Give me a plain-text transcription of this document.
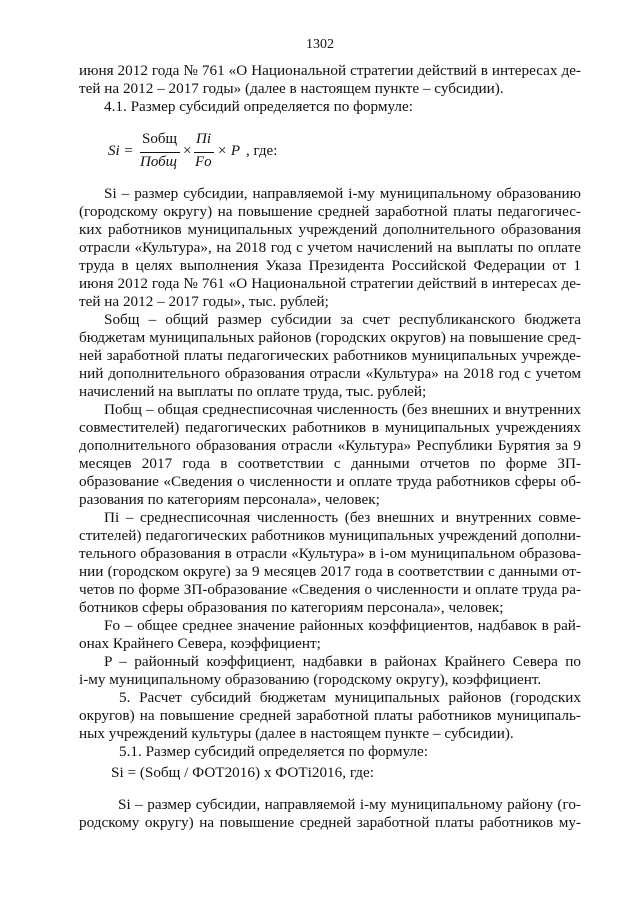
1302
июня 2012 года № 761 «О Национальной стратегии действий в интересах де-
тей на 2012 – 2017 годы» (далее в настоящем пункте – субсидии).
4.1. Размер субсидий определяется по формуле:
Si =
Sобщ
Побщ
×
Пi
Fo
× P , где:
Si – размер субсидии, направляемой i-му муниципальному образованию
(городскому округу) на повышение средней заработной платы педагогичес-
ких работников муниципальных учреждений дополнительного образования
отрасли «Культура», на 2018 год с учетом начислений на выплаты по оплате
труда в целях выполнения Указа Президента Российской Федерации от 1
июня 2012 года № 761 «О Национальной стратегии действий в интересах де-
тей на 2012 – 2017 годы», тыс. рублей;
Sобщ – общий размер субсидии за счет республиканского бюджета
бюджетам муниципальных районов (городских округов) на повышение сред-
ней заработной платы педагогических работников муниципальных учрежде-
ний дополнительного образования отрасли «Культура» на 2018 год с учетом
начислений на выплаты по оплате труда, тыс. рублей;
Побщ – общая среднесписочная численность (без внешних и внутренних
совместителей) педагогических работников в муниципальных учреждениях
дополнительного образования отрасли «Культура» Республики Бурятия за 9
месяцев 2017 года в соответствии с данными отчетов по форме ЗП-
образование «Сведения о численности и оплате труда работников сферы об-
разования по категориям персонала», человек;
Пi – среднесписочная численность (без внешних и внутренних совме-
стителей) педагогических работников муниципальных учреждений дополни-
тельного образования в отрасли «Культура» в i-ом муниципальном образова-
нии (городском округе) за 9 месяцев 2017 года в соответствии с данными от-
четов по форме ЗП-образование «Сведения о численности и оплате труда ра-
ботников сферы образования по категориям персонала», человек;
Fo – общее среднее значение районных коэффициентов, надбавок в рай-
онах Крайнего Севера, коэффициент;
P – районный коэффициент, надбавки в районах Крайнего Севера по
i-му муниципальному образованию (городскому округу), коэффициент.
5. Расчет субсидий бюджетам муниципальных районов (городских
округов) на повышение средней заработной платы работников муниципаль-
ных учреждений культуры (далее в настоящем пункте – субсидии).
5.1. Размер субсидий определяется по формуле:
Si = (Sобщ / ФОТ2016) х ФОТi2016, где:
Si – размер субсидии, направляемой i-му муниципальному району (го-
родскому округу) на повышение средней заработной платы работников му-
